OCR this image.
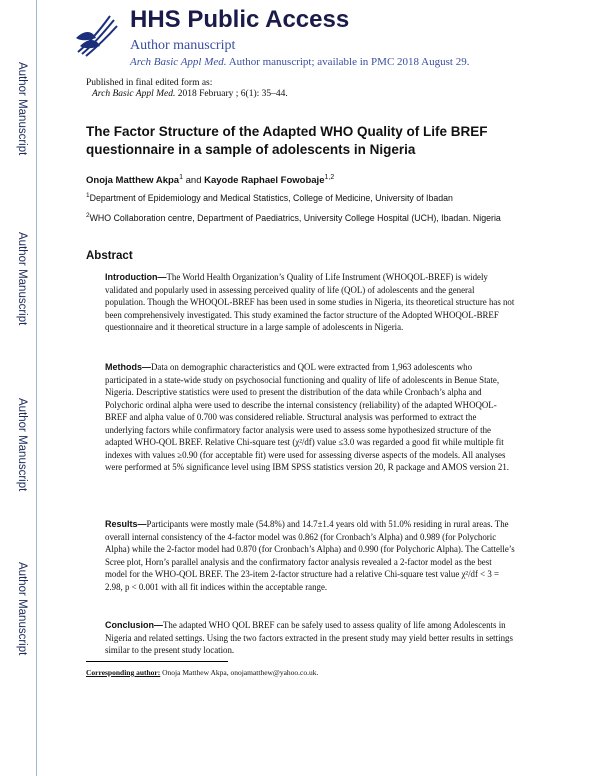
Author Manuscript
Author Manuscript
Author Manuscript
Author Manuscript
HHS Public Access
Author manuscript
Arch Basic Appl Med. Author manuscript; available in PMC 2018 August 29.
Published in final edited form as:
Arch Basic Appl Med. 2018 February ; 6(1): 35–44.
The Factor Structure of the Adapted WHO Quality of Life BREF questionnaire in a sample of adolescents in Nigeria
Onoja Matthew Akpa$^1$ and Kayode Raphael Fowobaje$^{1,2}$
$^1$Department of Epidemiology and Medical Statistics, College of Medicine, University of Ibadan
$^2$WHO Collaboration centre, Department of Paediatrics, University College Hospital (UCH), Ibadan. Nigeria
Abstract
Introduction—The World Health Organization’s Quality of Life Instrument (WHOQOL-BREF) is widely validated and popularly used in assessing perceived quality of life (QOL) of adolescents and the general population. Though the WHOQOL-BREF has been used in some studies in Nigeria, its theoretical structure has not been comprehensively investigated. This study examined the factor structure of the Adopted WHOQOL-BREF questionnaire and it theoretical structure in a large sample of adolescents in Nigeria.
Methods—Data on demographic characteristics and QOL were extracted from 1,963 adolescents who participated in a state-wide study on psychosocial functioning and quality of life of adolescents in Benue State, Nigeria. Descriptive statistics were used to present the distribution of the data while Cronbach’s alpha and Polychoric ordinal alpha were used to describe the internal consistency (reliability) of the adapted WHOQOL-BREF and alpha value of 0.700 was considered reliable. Structural analysis was performed to extract the underlying factors while confirmatory factor analysis were used to assess some hypothesized structure of the adapted WHO-QOL BREF. Relative Chi-square test (χ²/df) value ≤3.0 was regarded a good fit while multiple fit indexes with values ≥0.90 (for acceptable fit) were used for assessing diverse aspects of the models. All analyses were performed at 5% significance level using IBM SPSS statistics version 20, R package and AMOS version 21.
Results—Participants were mostly male (54.8%) and 14.7±1.4 years old with 51.0% residing in rural areas. The overall internal consistency of the 4-factor model was 0.862 (for Cronbach’s Alpha) and 0.989 (for Polychoric Alpha) while the 2-factor model had 0.870 (for Cronbach’s Alpha) and 0.990 (for Polychoric Alpha). The Cattelle’s Scree plot, Horn’s parallel analysis and the confirmatory factor analysis revealed a 2-factor model as the best model for the WHO-QOL BREF. The 23-item 2-factor structure had a relative Chi-square test value χ²/df < 3 = 2.98, p < 0.001 with all fit indices within the acceptable range.
Conclusion—The adapted WHO QOL BREF can be safely used to assess quality of life among Adolescents in Nigeria and related settings. Using the two factors extracted in the present study may yield better results in settings similar to the present study location.
Corresponding author: Onoja Matthew Akpa, onojamatthew@yahoo.co.uk.
